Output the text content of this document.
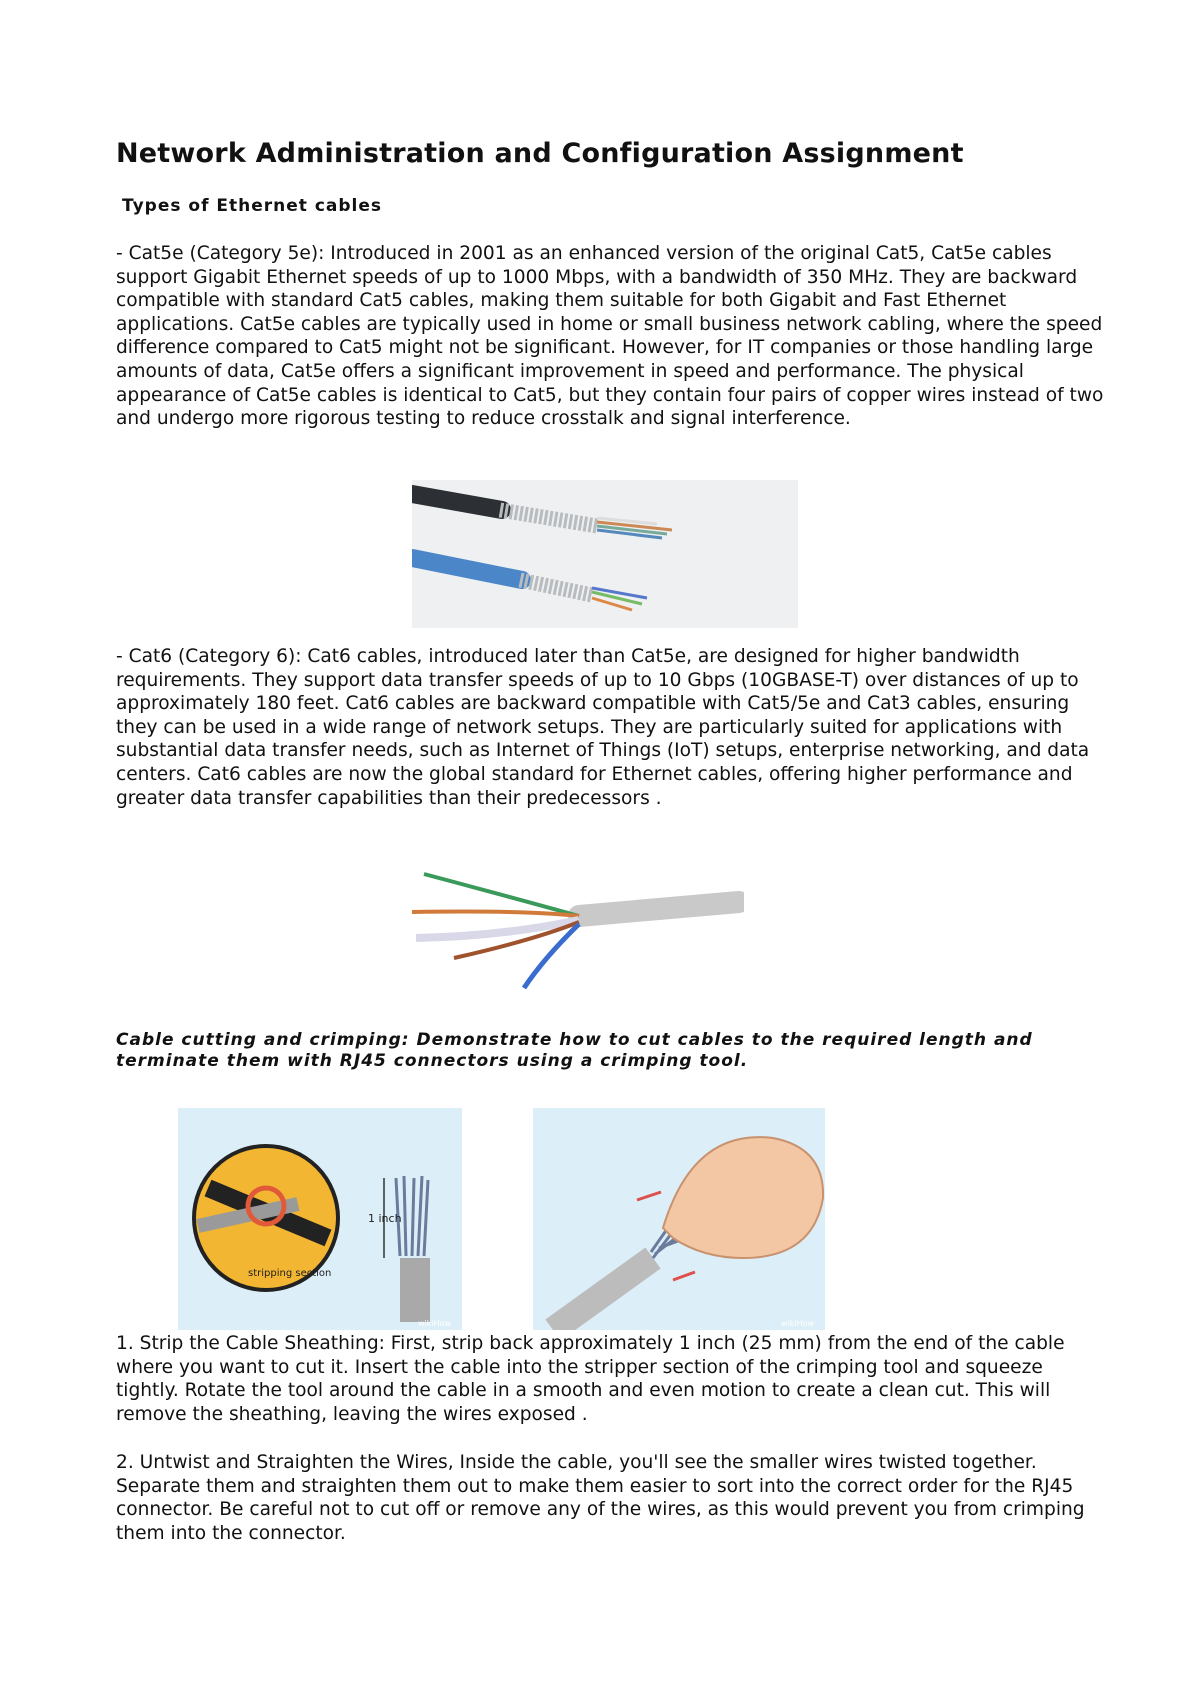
Network Administration and Configuration Assignment
Types of Ethernet cables

- Cat5e (Category 5e): Introduced in 2001 as an enhanced version of the original Cat5, Cat5e cables support Gigabit Ethernet speeds of up to 1000 Mbps, with a bandwidth of 350 MHz. They are backward compatible with standard Cat5 cables, making them suitable for both Gigabit and Fast Ethernet applications. Cat5e cables are typically used in home or small business network cabling, where the speed difference compared to Cat5 might not be significant. However, for IT companies or those handling large amounts of data, Cat5e offers a significant improvement in speed and performance. The physical appearance of Cat5e cables is identical to Cat5, but they contain four pairs of copper wires instead of two and undergo more rigorous testing to reduce crosstalk and signal interference.

- Cat6 (Category 6): Cat6 cables, introduced later than Cat5e, are designed for higher bandwidth requirements. They support data transfer speeds of up to 10 Gbps (10GBASE-T) over distances of up to approximately 180 feet. Cat6 cables are backward compatible with Cat5/5e and Cat3 cables, ensuring they can be used in a wide range of network setups. They are particularly suited for applications with substantial data transfer needs, such as Internet of Things (IoT) setups, enterprise networking, and data centers. Cat6 cables are now the global standard for Ethernet cables, offering higher performance and greater data transfer capabilities than their predecessors .

Cable cutting and crimping: Demonstrate how to cut cables to the required length and terminate them with RJ45 connectors using a crimping tool.

stripping section
1 inch
wikiHow	wikiHow

1. Strip the Cable Sheathing: First, strip back approximately 1 inch (25 mm) from the end of the cable where you want to cut it. Insert the cable into the stripper section of the crimping tool and squeeze tightly. Rotate the tool around the cable in a smooth and even motion to create a clean cut. This will remove the sheathing, leaving the wires exposed .

2. Untwist and Straighten the Wires, Inside the cable, you'll see the smaller wires twisted together. Separate them and straighten them out to make them easier to sort into the correct order for the RJ45 connector. Be careful not to cut off or remove any of the wires, as this would prevent you from crimping them into the connector.
